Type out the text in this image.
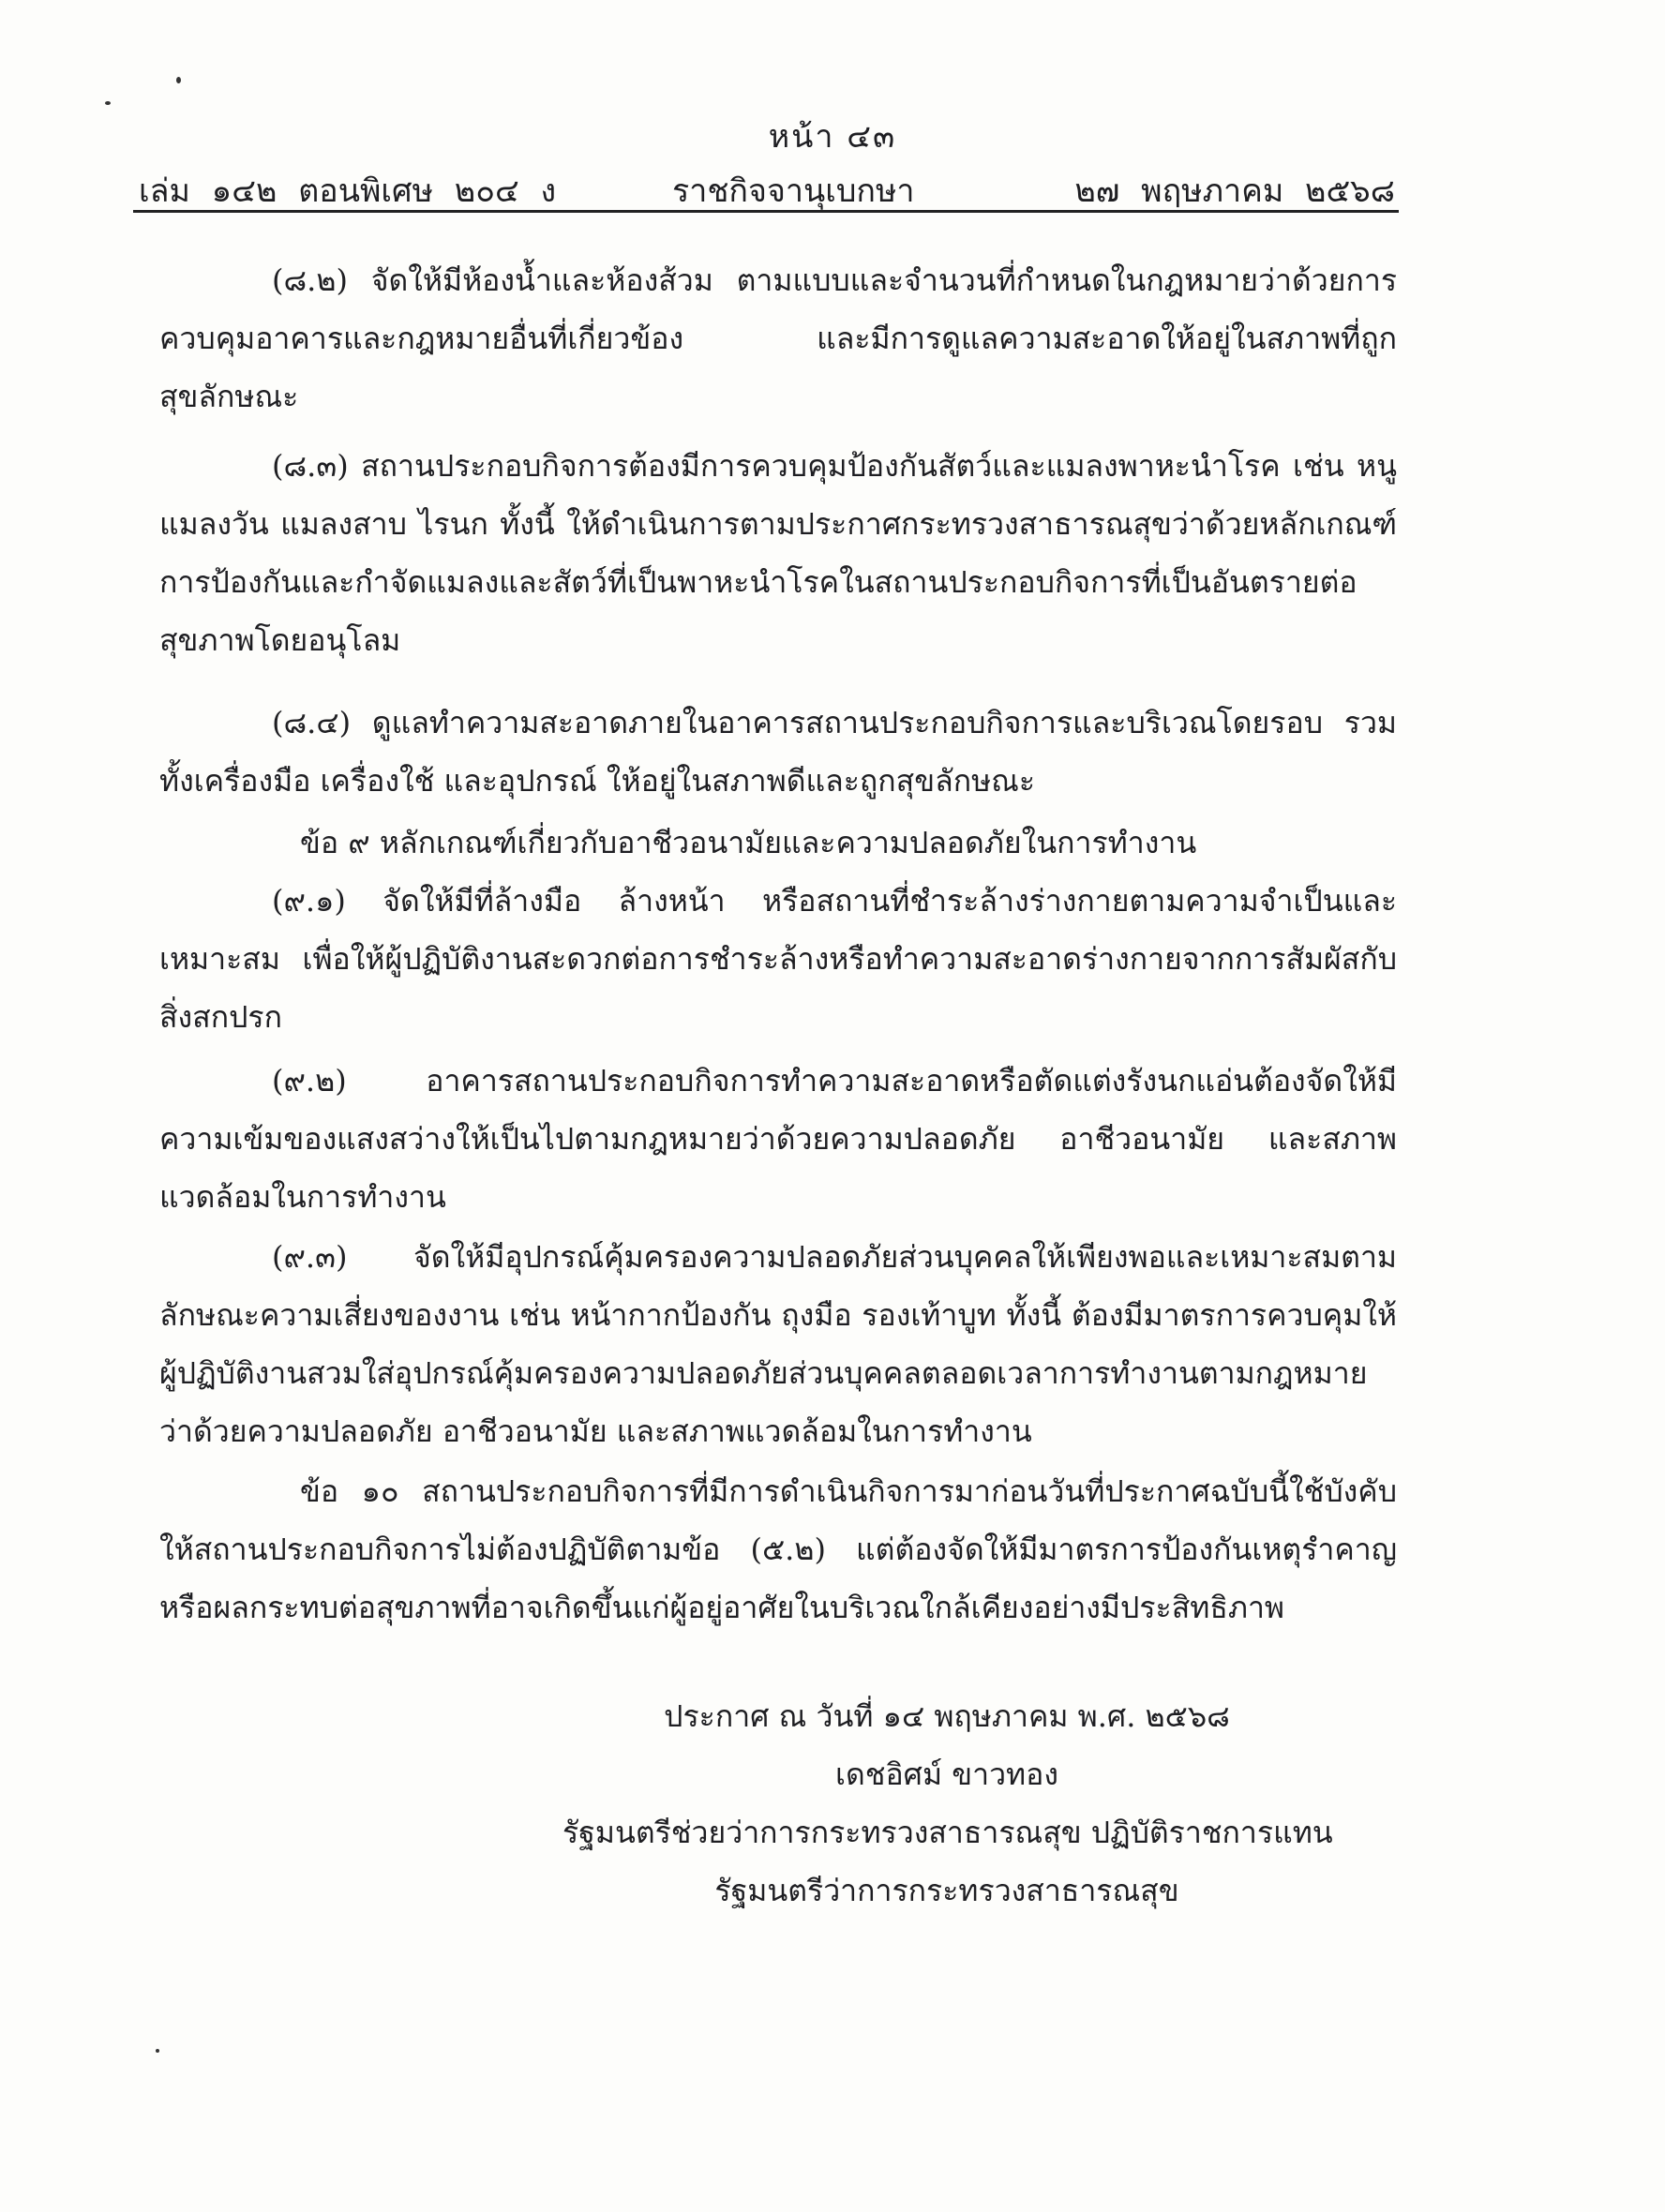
หน้า ๔๓
เล่ม ๑๔๒ ตอนพิเศษ ๒๐๔ ง	ราชกิจจานุเบกษา	๒๗ พฤษภาคม ๒๕๖๘
(๘.๒) จัดให้มีห้องน้ำและห้องส้วม ตามแบบและจำนวนที่กำหนดในกฎหมายว่าด้วยการควบคุมอาคารและกฎหมายอื่นที่เกี่ยวข้อง และมีการดูแลความสะอาดให้อยู่ในสภาพที่ถูกสุขลักษณะ
(๘.๓) สถานประกอบกิจการต้องมีการควบคุมป้องกันสัตว์และแมลงพาหะนำโรค เช่น หนู แมลงวัน แมลงสาบ ไรนก ทั้งนี้ ให้ดำเนินการตามประกาศกระทรวงสาธารณสุขว่าด้วยหลักเกณฑ์การป้องกันและกำจัดแมลงและสัตว์ที่เป็นพาหะนำโรคในสถานประกอบกิจการที่เป็นอันตรายต่อสุขภาพโดยอนุโลม
(๘.๔) ดูแลทำความสะอาดภายในอาคารสถานประกอบกิจการและบริเวณโดยรอบ รวมทั้งเครื่องมือ เครื่องใช้ และอุปกรณ์ ให้อยู่ในสภาพดีและถูกสุขลักษณะ
ข้อ ๙ หลักเกณฑ์เกี่ยวกับอาชีวอนามัยและความปลอดภัยในการทำงาน
(๙.๑) จัดให้มีที่ล้างมือ ล้างหน้า หรือสถานที่ชำระล้างร่างกายตามความจำเป็นและเหมาะสม เพื่อให้ผู้ปฏิบัติงานสะดวกต่อการชำระล้างหรือทำความสะอาดร่างกายจากการสัมผัสกับสิ่งสกปรก
(๙.๒) อาคารสถานประกอบกิจการทำความสะอาดหรือตัดแต่งรังนกแอ่นต้องจัดให้มีความเข้มของแสงสว่างให้เป็นไปตามกฎหมายว่าด้วยความปลอดภัย อาชีวอนามัย และสภาพแวดล้อมในการทำงาน
(๙.๓) จัดให้มีอุปกรณ์คุ้มครองความปลอดภัยส่วนบุคคลให้เพียงพอและเหมาะสมตามลักษณะความเสี่ยงของงาน เช่น หน้ากากป้องกัน ถุงมือ รองเท้าบูท ทั้งนี้ ต้องมีมาตรการควบคุมให้ผู้ปฏิบัติงานสวมใส่อุปกรณ์คุ้มครองความปลอดภัยส่วนบุคคลตลอดเวลาการทำงานตามกฎหมายว่าด้วยความปลอดภัย อาชีวอนามัย และสภาพแวดล้อมในการทำงาน
ข้อ ๑๐ สถานประกอบกิจการที่มีการดำเนินกิจการมาก่อนวันที่ประกาศฉบับนี้ใช้บังคับให้สถานประกอบกิจการไม่ต้องปฏิบัติตามข้อ (๕.๒) แต่ต้องจัดให้มีมาตรการป้องกันเหตุรำคาญหรือผลกระทบต่อสุขภาพที่อาจเกิดขึ้นแก่ผู้อยู่อาศัยในบริเวณใกล้เคียงอย่างมีประสิทธิภาพ
ประกาศ ณ วันที่ ๑๔ พฤษภาคม พ.ศ. ๒๕๖๘
เดชอิศม์ ขาวทอง
รัฐมนตรีช่วยว่าการกระทรวงสาธารณสุข ปฏิบัติราชการแทน
รัฐมนตรีว่าการกระทรวงสาธารณสุข
